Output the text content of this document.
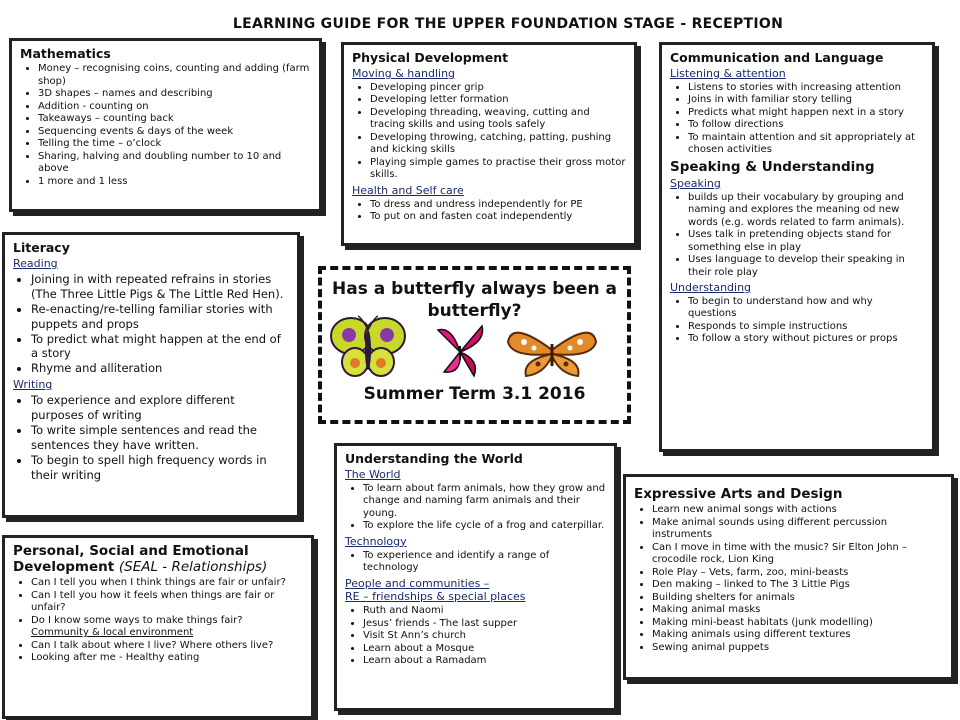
LEARNING GUIDE FOR THE UPPER FOUNDATION STAGE - RECEPTION
Mathematics
• Money – recognising coins, counting and adding (farm shop)
• 3D shapes – names and describing
• Addition - counting on
• Takeaways – counting back
• Sequencing events & days of the week
• Telling the time – o’clock
• Sharing, halving and doubling number to 10 and above
• 1 more and 1 less
Physical Development
Moving & handling
• Developing pincer grip
• Developing letter formation
• Developing threading, weaving, cutting and tracing skills and using tools safely
• Developing throwing, catching, patting, pushing and kicking skills
• Playing simple games to practise their gross motor skills.
Health and Self care
• To dress and undress independently for PE
• To put on and fasten coat independently
Communication and Language
Listening & attention
• Listens to stories with increasing attention
• Joins in with familiar story telling
• Predicts what might happen next in a story
• To follow directions
• To maintain attention and sit appropriately at chosen activities
Speaking & Understanding
Speaking
• builds up their vocabulary by grouping and naming and explores the meaning od new words (e.g. words related to farm animals).
• Uses talk in pretending objects stand for something else in play
• Uses language to develop their speaking in their role play
Understanding
• To begin to understand how and why questions
• Responds to simple instructions
• To follow a story without pictures or props
Literacy
Reading
• Joining in with repeated refrains in stories (The Three Little Pigs & The Little Red Hen).
• Re-enacting/re-telling familiar stories with puppets and props
• To predict what might happen at the end of a story
• Rhyme and alliteration
Writing
• To experience and explore different purposes of writing
• To write simple sentences and read the sentences they have written.
• To begin to spell high frequency words in their writing
Has a butterfly always been a butterfly?
Summer Term 3.1 2016
Understanding the World
The World
• To learn about farm animals, how they grow and change and naming farm animals and their young.
• To explore the life cycle of a frog and caterpillar.
Technology
• To experience and identify a range of technology
People and communities –
RE – friendships & special places
• Ruth and Naomi
• Jesus’ friends - The last supper
• Visit St Ann’s church
• Learn about a Mosque
• Learn about a Ramadam
Expressive Arts and Design
• Learn new animal songs with actions
• Make animal sounds using different percussion instruments
• Can I move in time with the music? Sir Elton John – crocodile rock, Lion King
• Role Play – Vets, farm, zoo, mini-beasts
• Den making – linked to The 3 Little Pigs
• Building shelters for animals
• Making animal masks
• Making mini-beast habitats (junk modelling)
• Making animals using different textures
• Sewing animal puppets
Personal, Social and Emotional
Development (SEAL - Relationships)
• Can I tell you when I think things are fair or unfair?
• Can I tell you how it feels when things are fair or unfair?
• Do I know some ways to make things fair?
Community & local environment
• Can I talk about where I live? Where others live?
• Looking after me - Healthy eating
